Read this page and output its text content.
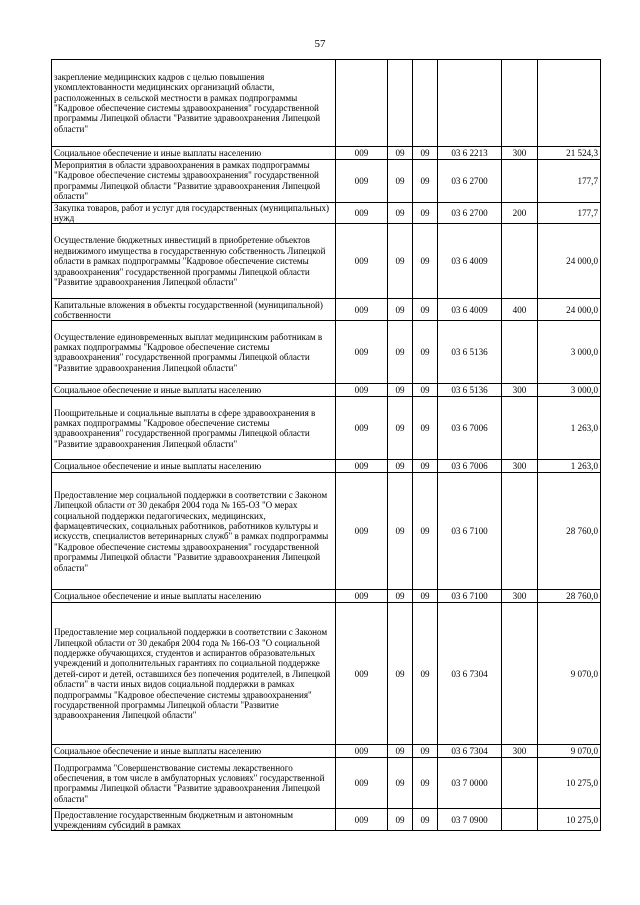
57
закрепление медицинских кадров с целью повышения укомплектованности медицинских организаций области, расположенных в сельской местности в рамках подпрограммы "Кадровое обеспечение системы здравоохранения" государственной программы Липецкой области "Развитие здравоохранения Липецкой области"						
Социальное обеспечение и иные выплаты населению	009	09	09	03 6 2213	300	21 524,3
Мероприятия в области здравоохранения в рамках подпрограммы "Кадровое обеспечение системы здравоохранения" государственной программы Липецкой области "Развитие здравоохранения Липецкой области"	009	09	09	03 6 2700		177,7
Закупка товаров, работ и услуг для государственных (муниципальных) нужд	009	09	09	03 6 2700	200	177,7
Осуществление бюджетных инвестиций в приобретение объектов недвижимого имущества в государственную собственность Липецкой области в рамках подпрограммы "Кадровое обеспечение системы здравоохранения" государственной программы Липецкой области "Развитие здравоохранения Липецкой области"	009	09	09	03 6 4009		24 000,0
Капитальные вложения в объекты государственной (муниципальной) собственности	009	09	09	03 6 4009	400	24 000,0
Осуществление единовременных выплат медицинским работникам в рамках подпрограммы "Кадровое обеспечение системы здравоохранения" государственной программы Липецкой области "Развитие здравоохранения Липецкой области"	009	09	09	03 6 5136		3 000,0
Социальное обеспечение и иные выплаты населению	009	09	09	03 6 5136	300	3 000,0
Поощрительные и социальные выплаты в сфере здравоохранения в рамках подпрограммы "Кадровое обеспечение системы здравоохранения" государственной программы Липецкой области "Развитие здравоохранения Липецкой области"	009	09	09	03 6 7006		1 263,0
Социальное обеспечение и иные выплаты населению	009	09	09	03 6 7006	300	1 263,0
Предоставление мер социальной поддержки в соответствии с Законом Липецкой области от 30 декабря 2004 года № 165-ОЗ "О мерах социальной поддержки педагогических, медицинских, фармацевтических, социальных работников, работников культуры и искусств, специалистов ветеринарных служб" в рамках подпрограммы "Кадровое обеспечение системы здравоохранения" государственной программы Липецкой области "Развитие здравоохранения Липецкой области"	009	09	09	03 6 7100		28 760,0
Социальное обеспечение и иные выплаты населению	009	09	09	03 6 7100	300	28 760,0
Предоставление мер социальной поддержки в соответствии с Законом Липецкой области от 30 декабря 2004 года № 166-ОЗ "О социальной поддержке обучающихся, студентов и аспирантов образовательных учреждений и дополнительных гарантиях по социальной поддержке детей-сирот и детей, оставшихся без попечения родителей, в Липецкой области" в части иных видов социальной поддержки в рамках подпрограммы "Кадровое обеспечение системы здравоохранения" государственной программы Липецкой области "Развитие здравоохранения Липецкой области"	009	09	09	03 6 7304		9 070,0
Социальное обеспечение и иные выплаты населению	009	09	09	03 6 7304	300	9 070,0
Подпрограмма "Совершенствование системы лекарственного обеспечения, в том числе в амбулаторных условиях" государственной программы Липецкой области "Развитие здравоохранения Липецкой области"	009	09	09	03 7 0000		10 275,0
Предоставление государственным бюджетным и автономным учреждениям субсидий в рамках	009	09	09	03 7 0900		10 275,0
